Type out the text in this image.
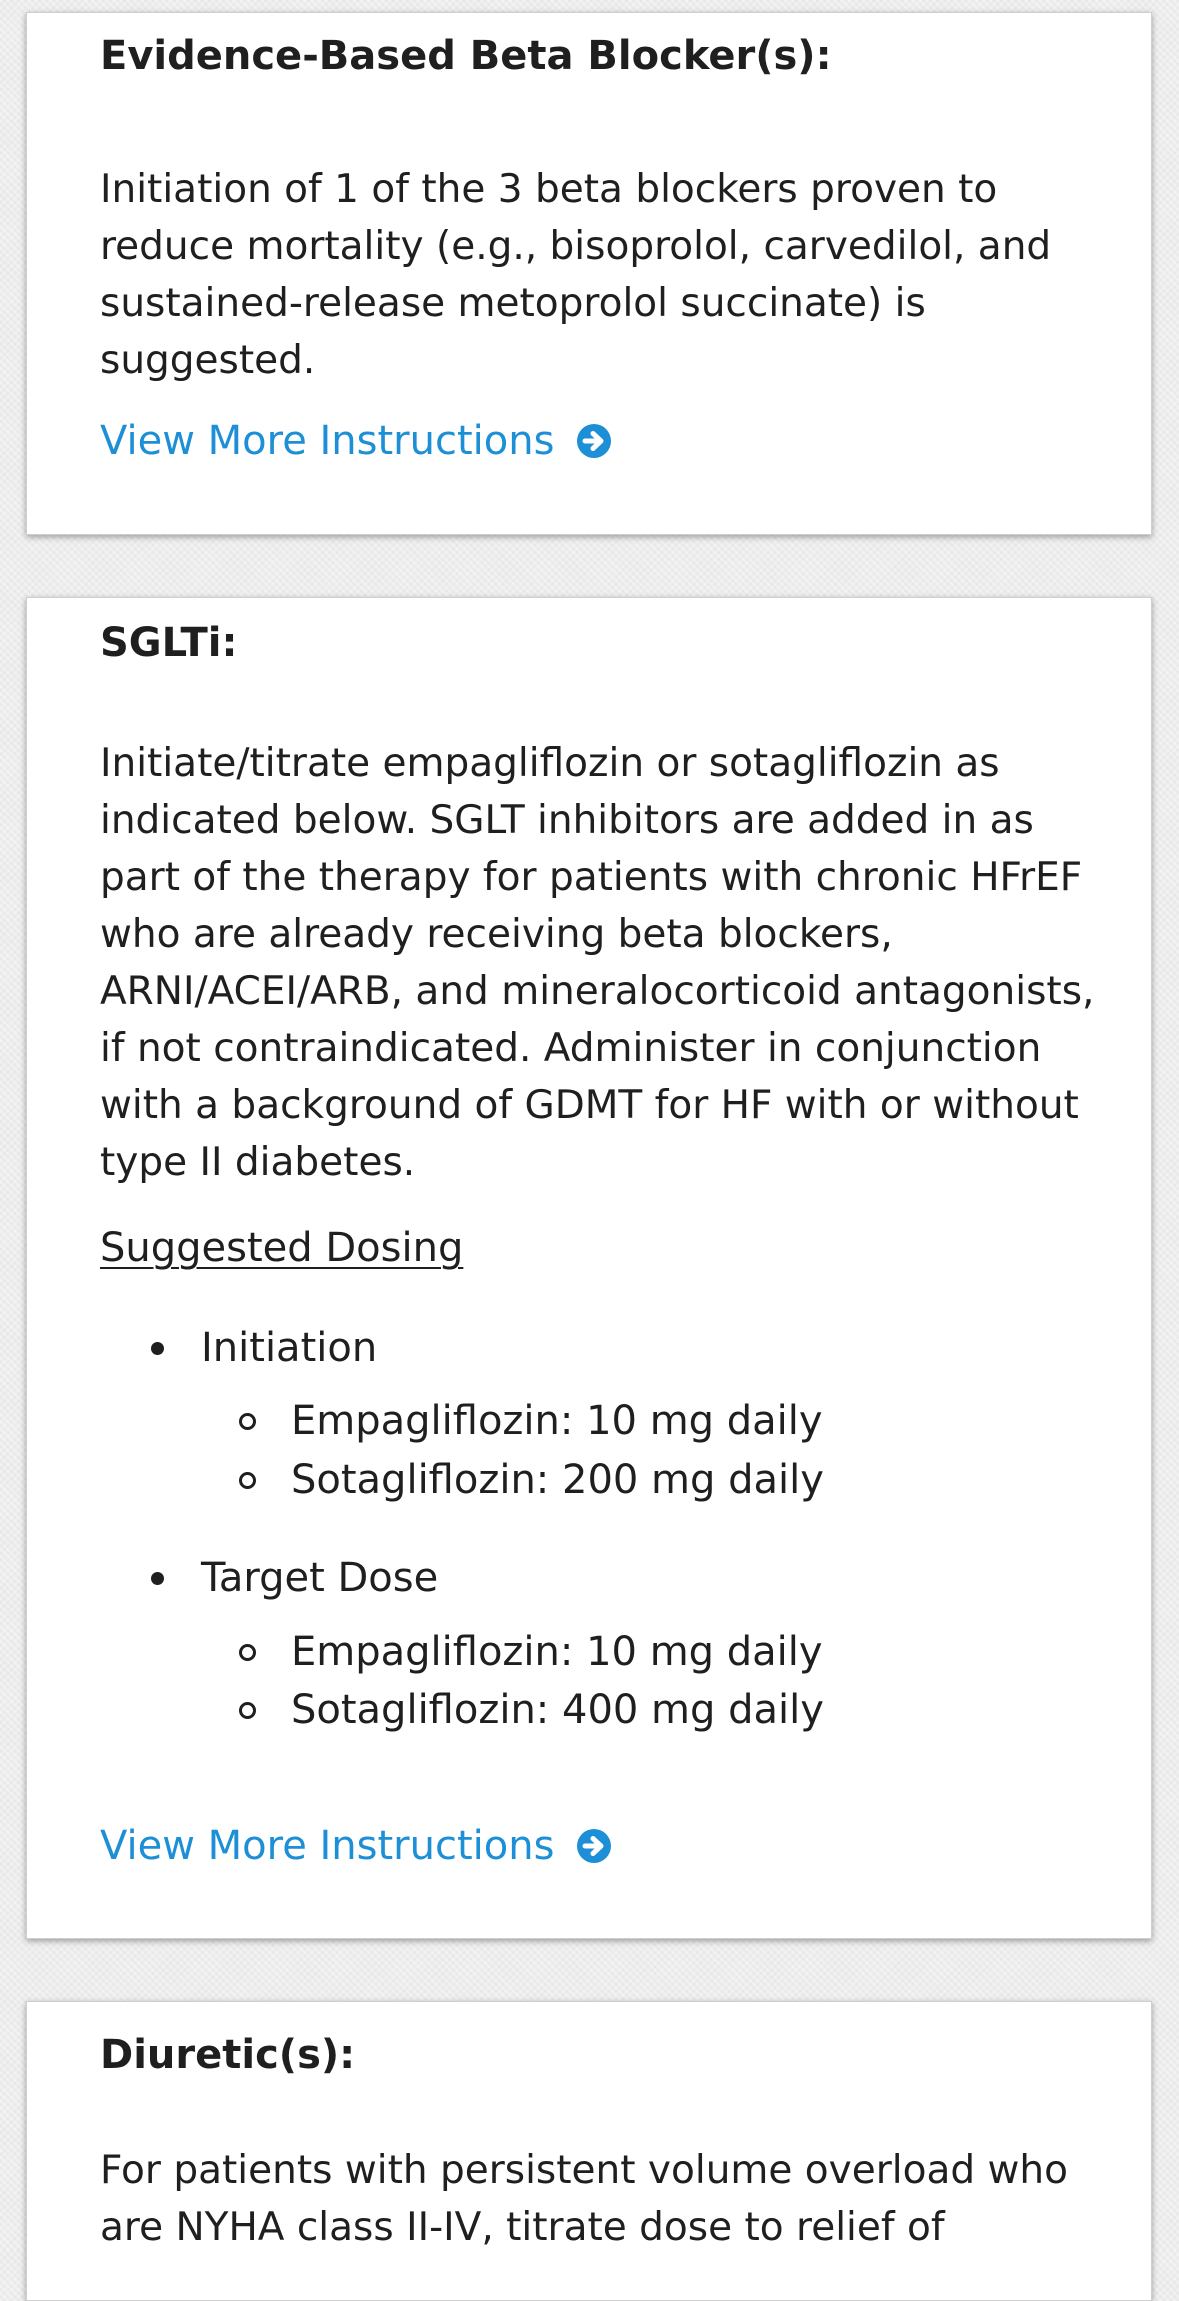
Evidence-Based Beta Blocker(s):

Initiation of 1 of the 3 beta blockers proven to reduce mortality (e.g., bisoprolol, carvedilol, and sustained-release metoprolol succinate) is suggested.

View More Instructions
SGLTi:

Initiate/titrate empagliflozin or sotagliflozin as indicated below. SGLT inhibitors are added in as part of the therapy for patients with chronic HFrEF who are already receiving beta blockers, ARNI/ACEI/ARB, and mineralocorticoid antagonists, if not contraindicated. Administer in conjunction with a background of GDMT for HF with or without type II diabetes.

Suggested Dosing
Initiation
Empagliflozin: 10 mg daily
Sotagliflozin: 200 mg daily
Target Dose
Empagliflozin: 10 mg daily
Sotagliflozin: 400 mg daily
View More Instructions
Diuretic(s):

For patients with persistent volume overload who are NYHA class II-IV, titrate dose to relief of
